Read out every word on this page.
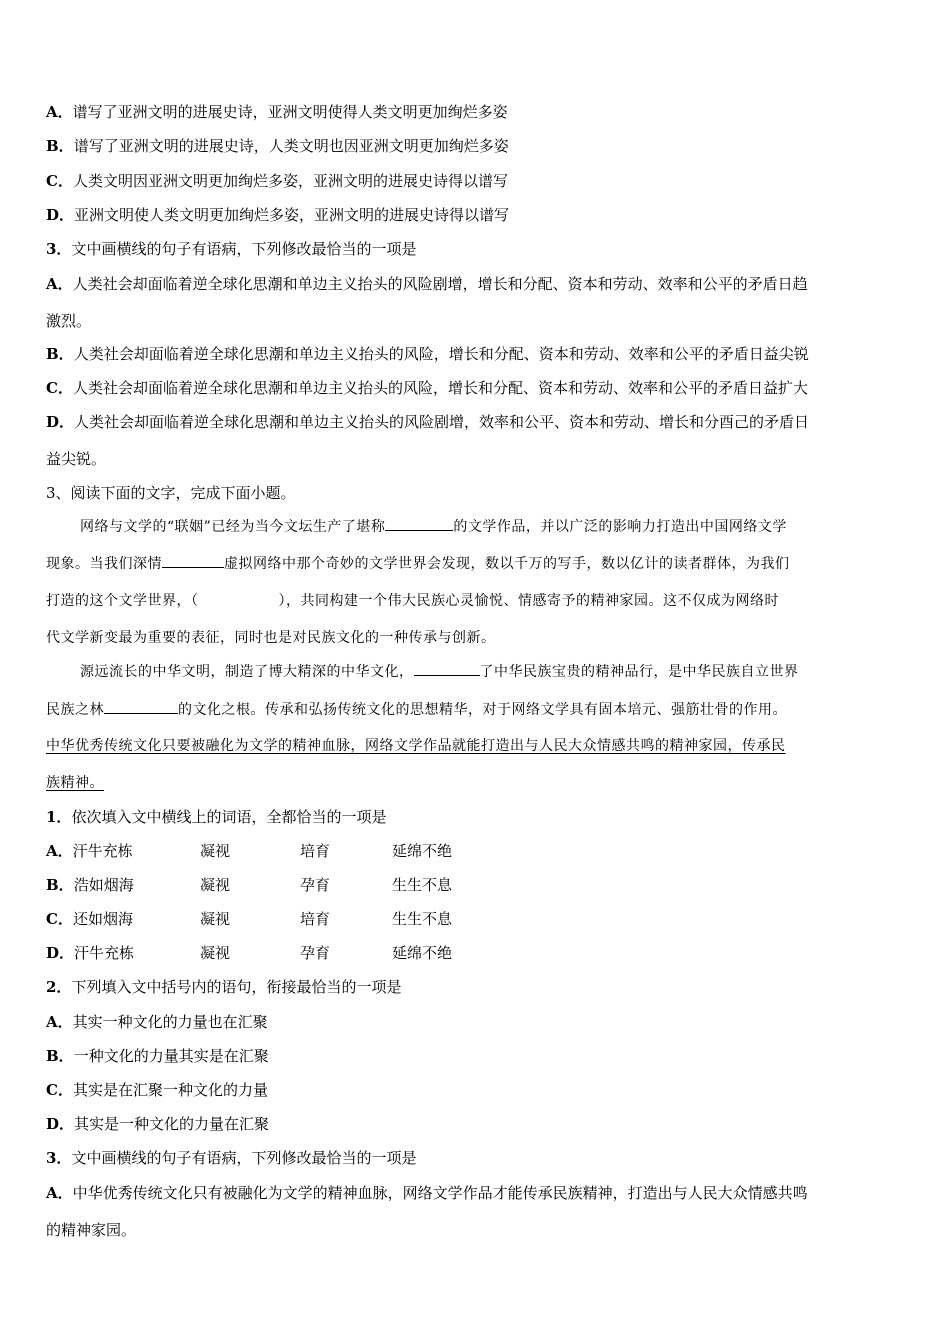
A．谱写了亚洲文明的进展史诗，亚洲文明使得人类文明更加绚烂多姿
B．谱写了亚洲文明的进展史诗，人类文明也因亚洲文明更加绚烂多姿
C．人类文明因亚洲文明更加绚烂多姿，亚洲文明的进展史诗得以谱写
D．亚洲文明使人类文明更加绚烂多姿，亚洲文明的进展史诗得以谱写
3．文中画横线的句子有语病，下列修改最恰当的一项是
A．人类社会却面临着逆全球化思潮和单边主义抬头的风险剧增，增长和分配、资本和劳动、效率和公平的矛盾日趋
激烈。
B．人类社会却面临着逆全球化思潮和单边主义抬头的风险，增长和分配、资本和劳动、效率和公平的矛盾日益尖锐
C．人类社会却面临着逆全球化思潮和单边主义抬头的风险，增长和分配、资本和劳动、效率和公平的矛盾日益扩大
D．人类社会却面临着逆全球化思潮和单边主义抬头的风险剧增，效率和公平、资本和劳动、增长和分酉己的矛盾日
益尖锐。
3、阅读下面的文字，完成下面小题。
网络与文学的“联姻”已经为当今文坛生产了堪称	的文学作品，并以广泛的影响力打造出中国网络文学
现象。当我们深情	虚拟网络中那个奇妙的文学世界会发现，数以千万的写手，数以亿计的读者群体，为我们
打造的这个文学世界，（	），共同构建一个伟大民族心灵愉悦、情感寄予的精神家园。这不仅成为网络时
代文学新变最为重要的表征，同时也是对民族文化的一种传承与创新。
源远流长的中华文明，制造了博大精深的中华文化，	了中华民族宝贵的精神品行，是中华民族自立世界
民族之林	的文化之根。传承和弘扬传统文化的思想精华，对于网络文学具有固本培元、强筋壮骨的作用。
中华优秀传统文化只要被融化为文学的精神血脉，网络文学作品就能打造出与人民大众情感共鸣的精神家园，传承民
族精神。
1．依次填入文中横线上的词语，全都恰当的一项是
A．汗牛充栋	凝视	培育	延绵不绝
B．浩如烟海	凝视	孕育	生生不息
C．还如烟海	凝视	培育	生生不息
D．汗牛充栋	凝视	孕育	延绵不绝
2．下列填入文中括号内的语句，衔接最恰当的一项是
A．其实一种文化的力量也在汇聚
B．一种文化的力量其实是在汇聚
C．其实是在汇聚一种文化的力量
D．其实是一种文化的力量在汇聚
3．文中画横线的句子有语病，下列修改最恰当的一项是
A．中华优秀传统文化只有被融化为文学的精神血脉，网络文学作品才能传承民族精神，打造出与人民大众情感共鸣
的精神家园。
